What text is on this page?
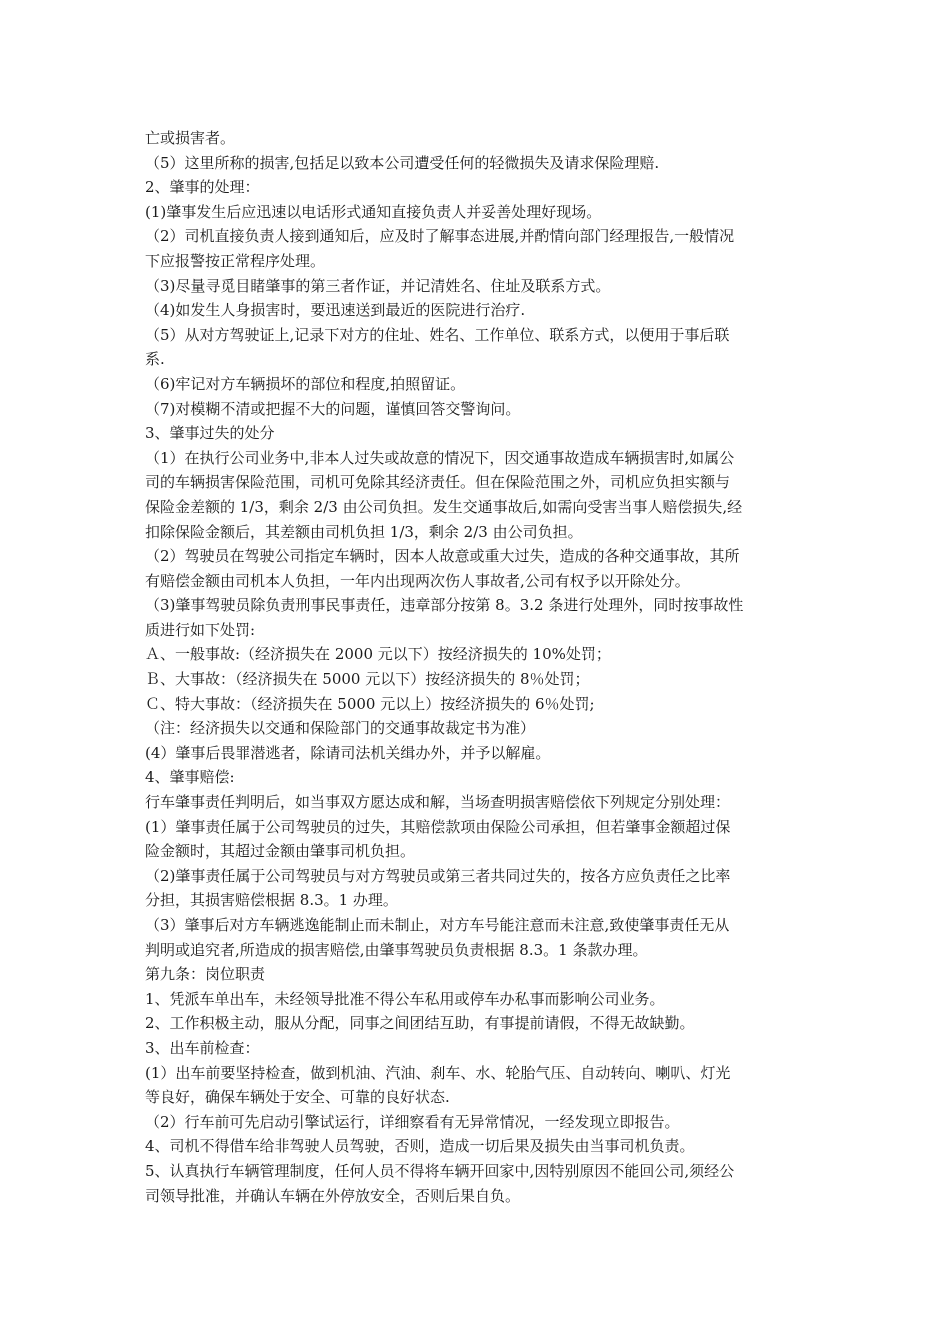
亡或损害者。

（5）这里所称的损害,包括足以致本公司遭受任何的轻微损失及请求保险理赔.

2、肇事的处理：

(1)肇事发生后应迅速以电话形式通知直接负责人并妥善处理好现场。

（2）司机直接负责人接到通知后，应及时了解事态进展,并酌情向部门经理报告,一般情况

下应报警按正常程序处理。

（3)尽量寻觅目睹肇事的第三者作证，并记清姓名、住址及联系方式。

（4)如发生人身损害时，要迅速送到最近的医院进行治疗.

（5）从对方驾驶证上,记录下对方的住址、姓名、工作单位、联系方式，以便用于事后联

系.

（6)牢记对方车辆损坏的部位和程度,拍照留证。

（7)对模糊不清或把握不大的问题，谨慎回答交警询问。

3、肇事过失的处分

（1）在执行公司业务中,非本人过失或故意的情况下，因交通事故造成车辆损害时,如属公

司的车辆损害保险范围，司机可免除其经济责任。但在保险范围之外，司机应负担实额与

保险金差额的 1/3，剩余 2/3 由公司负担。发生交通事故后,如需向受害当事人赔偿损失,经

扣除保险金额后，其差额由司机负担 1/3，剩余 2/3 由公司负担。

（2）驾驶员在驾驶公司指定车辆时，因本人故意或重大过失，造成的各种交通事故，其所

有赔偿金额由司机本人负担，一年内出现两次伤人事故者,公司有权予以开除处分。

（3)肇事驾驶员除负责刑事民事责任，违章部分按第 8。3.2 条进行处理外，同时按事故性

质进行如下处罚:

Ａ、一般事故:（经济损失在 2000 元以下）按经济损失的 10%处罚；

Ｂ、大事故：（经济损失在 5000 元以下）按经济损失的 8％处罚；

Ｃ、特大事故：（经济损失在 5000 元以上）按经济损失的 6％处罚;

（注：经济损失以交通和保险部门的交通事故裁定书为准）

(4）肇事后畏罪潜逃者，除请司法机关缉办外，并予以解雇。

4、肇事赔偿:

行车肇事责任判明后，如当事双方愿达成和解，当场查明损害赔偿依下列规定分别处理：

(1）肇事责任属于公司驾驶员的过失，其赔偿款项由保险公司承担，但若肇事金额超过保

险金额时，其超过金额由肇事司机负担。

（2)肇事责任属于公司驾驶员与对方驾驶员或第三者共同过失的，按各方应负责任之比率

分担，其损害赔偿根据 8.3。1 办理。

（3）肇事后对方车辆逃逸能制止而未制止，对方车号能注意而未注意,致使肇事责任无从

判明或追究者,所造成的损害赔偿,由肇事驾驶员负责根据 8.3。1 条款办理。

第九条：岗位职责

1、凭派车单出车，未经领导批准不得公车私用或停车办私事而影响公司业务。

2、工作积极主动，服从分配，同事之间团结互助，有事提前请假，不得无故缺勤。

3、出车前检查：

(1）出车前要坚持检查，做到机油、汽油、刹车、水、轮胎气压、自动转向、喇叭、灯光

等良好，确保车辆处于安全、可靠的良好状态.

（2）行车前可先启动引擎试运行，详细察看有无异常情况，一经发现立即报告。

4、司机不得借车给非驾驶人员驾驶，否则，造成一切后果及损失由当事司机负责。

5、认真执行车辆管理制度，任何人员不得将车辆开回家中,因特别原因不能回公司,须经公

司领导批准，并确认车辆在外停放安全，否则后果自负。
